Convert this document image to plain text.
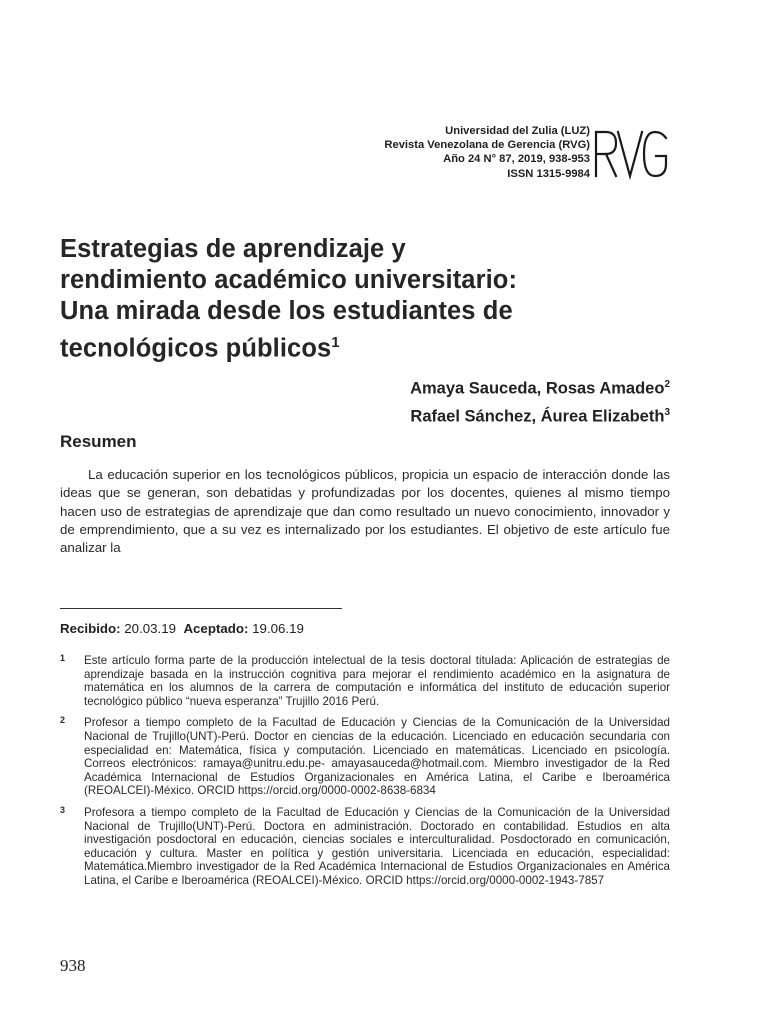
Universidad del Zulia (LUZ)
Revista Venezolana de Gerencia (RVG)
Año 24 N° 87, 2019, 938-953
ISSN 1315-9984
Estrategias de aprendizaje y
rendimiento académico universitario:
Una mirada desde los estudiantes de
tecnológicos públicos$^1$
Amaya Sauceda, Rosas Amadeo$^2$
Rafael Sánchez, Áurea Elizabeth$^3$
Resumen

La educación superior en los tecnológicos públicos, propicia un espacio de interacción donde las ideas que se generan, son debatidas y profundizadas por los docentes, quienes al mismo tiempo hacen uso de estrategias de aprendizaje que dan como resultado un nuevo conocimiento, innovador y de emprendimiento, que a su vez es internalizado por los estudiantes. El objetivo de este artículo fue analizar la

Recibido: 20.03.19 Aceptado: 19.06.19
1 Este artículo forma parte de la producción intelectual de la tesis doctoral titulada: Aplicación de estrategias de aprendizaje basada en la instrucción cognitiva para mejorar el rendimiento académico en la asignatura de matemática en los alumnos de la carrera de computación e informática del instituto de educación superior tecnológico público “nueva esperanza” Trujillo 2016 Perú.
2 Profesor a tiempo completo de la Facultad de Educación y Ciencias de la Comunicación de la Universidad Nacional de Trujillo(UNT)-Perú. Doctor en ciencias de la educación. Licenciado en educación secundaria con especialidad en: Matemática, física y computación. Licenciado en matemáticas. Licenciado en psicología. Correos electrónicos: ramaya@unitru.edu.pe- amayasauceda@hotmail.com. Miembro investigador de la Red Académica Internacional de Estudios Organizacionales en América Latina, el Caribe e Iberoamérica (REOALCEI)-México. ORCID https://orcid.org/0000-0002-8638-6834
3 Profesora a tiempo completo de la Facultad de Educación y Ciencias de la Comunicación de la Universidad Nacional de Trujillo(UNT)-Perú. Doctora en administración. Doctorado en contabilidad. Estudios en alta investigación posdoctoral en educación, ciencias sociales e interculturalidad. Posdoctorado en comunicación, educación y cultura. Master en política y gestión universitaria. Licenciada en educación, especialidad: Matemática.Miembro investigador de la Red Académica Internacional de Estudios Organizacionales en América Latina, el Caribe e Iberoamérica (REOALCEI)-México. ORCID https://orcid.org/0000-0002-1943-7857
938
